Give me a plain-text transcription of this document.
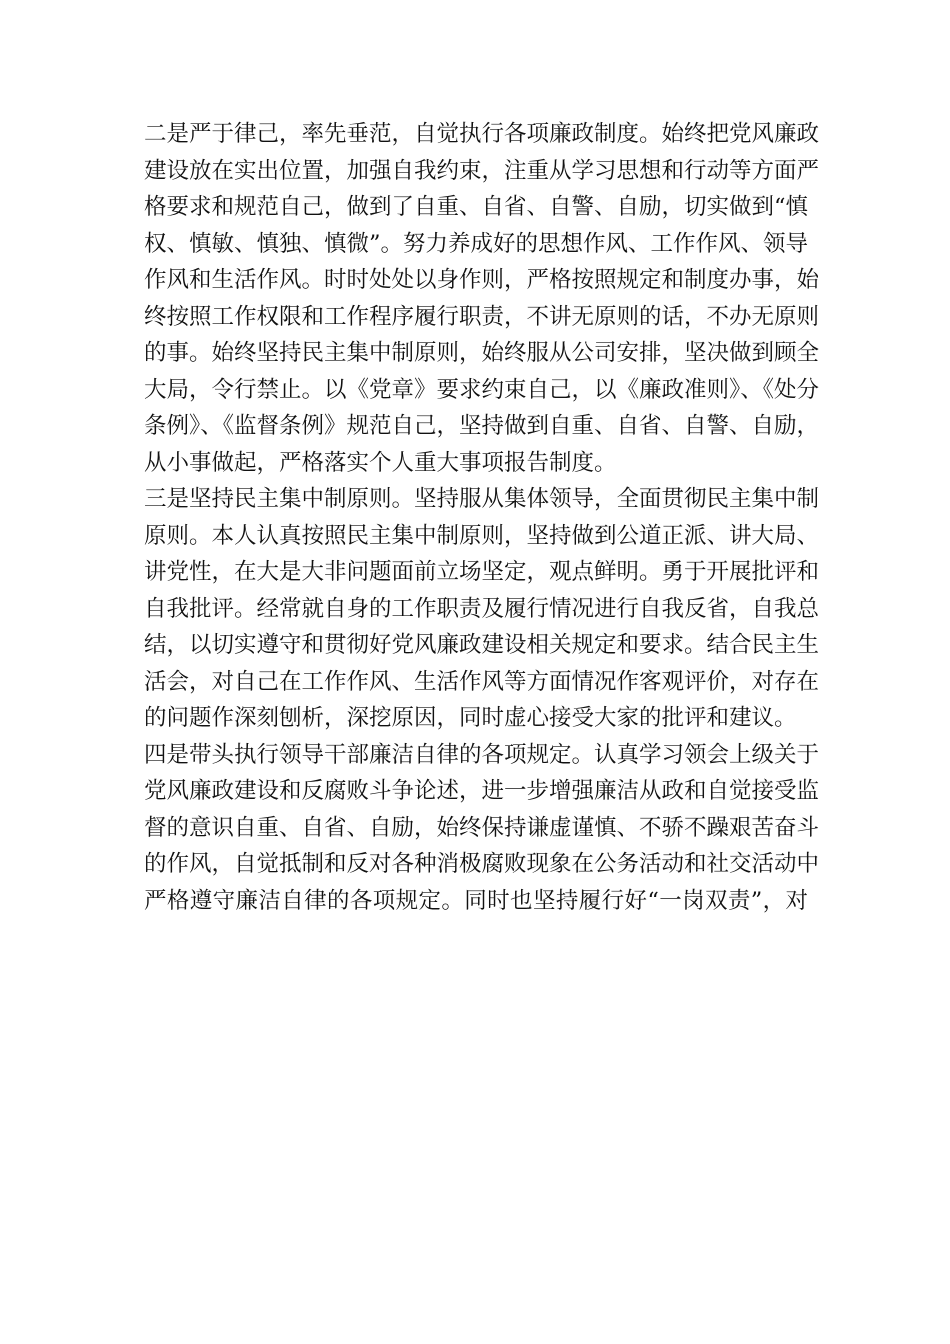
二是严于律己，率先垂范，自觉执行各项廉政制度。始终把党风廉政
建设放在实出位置，加强自我约束，注重从学习思想和行动等方面严
格要求和规范自己，做到了自重、自省、自警、自励，切实做到“慎
权、慎敏、慎独、慎微”。努力养成好的思想作风、工作作风、领导
作风和生活作风。时时处处以身作则，严格按照规定和制度办事，始
终按照工作权限和工作程序履行职责，不讲无原则的话，不办无原则
的事。始终坚持民主集中制原则，始终服从公司安排，坚决做到顾全
大局，令行禁止。以《党章》要求约束自己，以《廉政准则》、《处分
条例》、《监督条例》规范自己，坚持做到自重、自省、自警、自励，
从小事做起，严格落实个人重大事项报告制度。
三是坚持民主集中制原则。坚持服从集体领导，全面贯彻民主集中制
原则。本人认真按照民主集中制原则，坚持做到公道正派、讲大局、
讲党性，在大是大非问题面前立场坚定，观点鲜明。勇于开展批评和
自我批评。经常就自身的工作职责及履行情况进行自我反省，自我总
结，以切实遵守和贯彻好党风廉政建设相关规定和要求。结合民主生
活会，对自己在工作作风、生活作风等方面情况作客观评价，对存在
的问题作深刻刨析，深挖原因，同时虚心接受大家的批评和建议。
四是带头执行领导干部廉洁自律的各项规定。认真学习领会上级关于
党风廉政建设和反腐败斗争论述，进一步增强廉洁从政和自觉接受监
督的意识自重、自省、自励，始终保持谦虚谨慎、不骄不躁艰苦奋斗
的作风，自觉抵制和反对各种消极腐败现象在公务活动和社交活动中
严格遵守廉洁自律的各项规定。同时也坚持履行好“一岗双责”，对
